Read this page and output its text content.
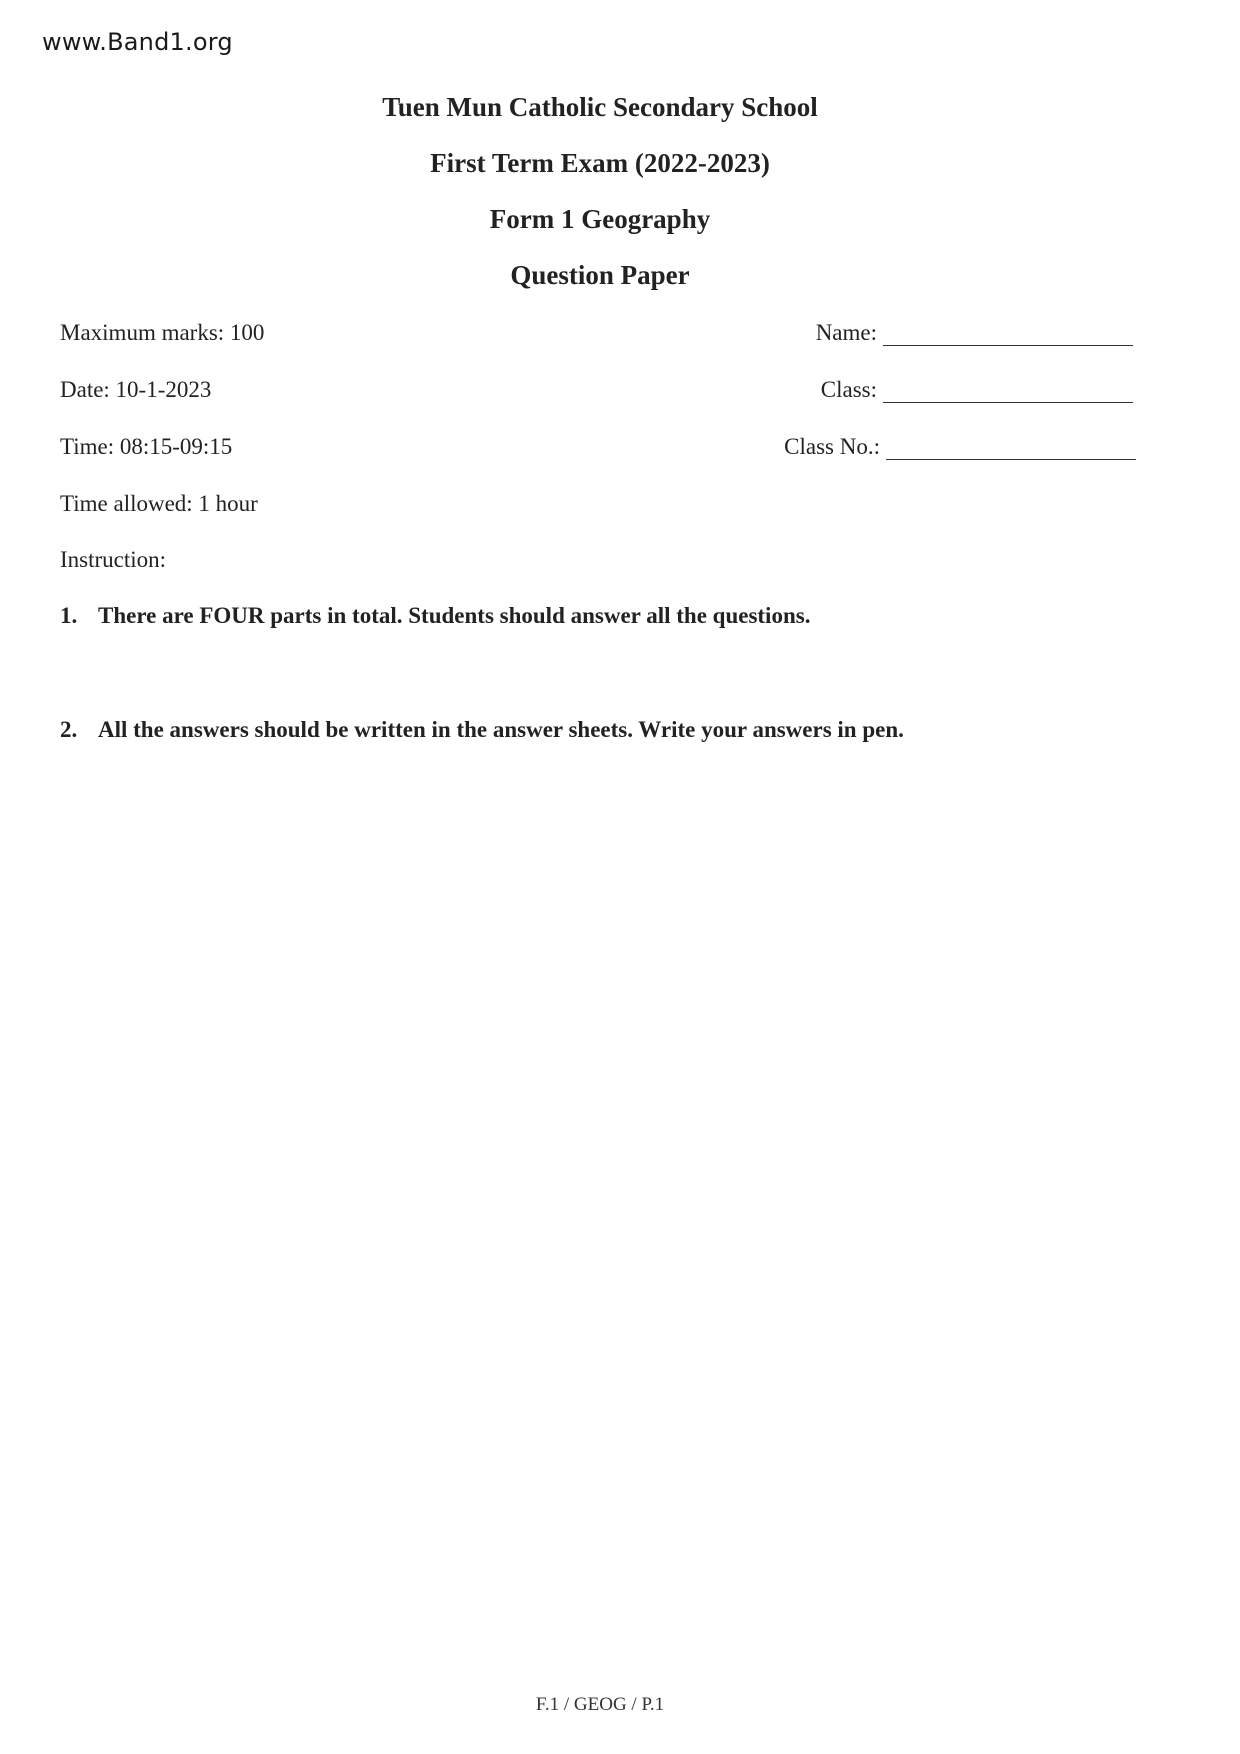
www.Band1.org
Tuen Mun Catholic Secondary School
First Term Exam (2022-2023)
Form 1 Geography
Question Paper
Maximum marks: 100
Date: 10-1-2023
Time: 08:15-09:15
Time allowed: 1 hour
Instruction:
Name:
Class:
Class No.:
1. There are FOUR parts in total. Students should answer all the questions.
2. All the answers should be written in the answer sheets. Write your answers in pen.
F.1 / GEOG / P.1
